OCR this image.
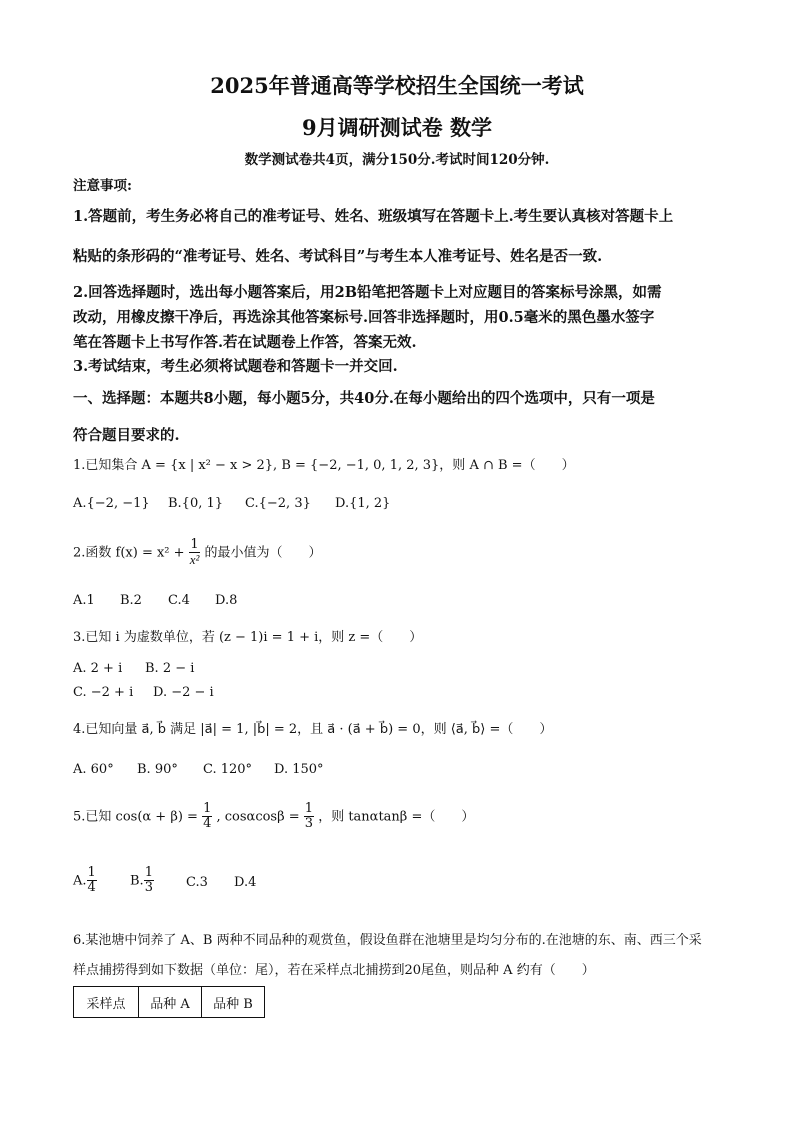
2025年普通高等学校招生全国统一考试
9月调研测试卷 数学
数学测试卷共4页，满分150分.考试时间120分钟.
注意事项:
1.答题前，考生务必将自己的准考证号、姓名、班级填写在答题卡上.考生要认真核对答题卡上
粘贴的条形码的“准考证号、姓名、考试科目”与考生本人准考证号、姓名是否一致.
2.回答选择题时，选出每小题答案后，用2B铅笔把答题卡上对应题目的答案标号涂黑，如需
改动，用橡皮擦干净后，再选涂其他答案标号.回答非选择题时，用0.5毫米的黑色墨水签字
笔在答题卡上书写作答.若在试题卷上作答，答案无效.
3.考试结束，考生必须将试题卷和答题卡一并交回.
一、选择题：本题共8小题，每小题5分，共40分.在每小题给出的四个选项中，只有一项是
符合题目要求的.
1.已知集合 A = {x | x² − x > 2}, B = {−2, −1, 0, 1, 2, 3}，则 A ∩ B =（　　）
A.{−2, −1} B.{0, 1} C.{−2, 3} D.{1, 2}
2.函数 $f(x) = x^2 + \frac{1}{\text{x²}}$ 的最小值为（　　）
A.1 B.2 C.4 D.8
3.已知 i 为虚数单位，若 (z − 1)i = 1 + i，则 z =（　　）
A. 2 + i B. 2 − i
C. −2 + i D. −2 − i
4.已知向量 a⃗, b⃗ 满足 |a⃗| = 1, |b⃗| = 2，且 a⃗ · (a⃗ + b⃗) = 0，则 ⟨a⃗, b⃗⟩ =（　　）
A. 60° B. 90° C. 120° D. 150°
5.已知 $\cos(\alpha + \beta) = \frac{1}{4}$ , $\cos\alpha\cos\beta = \frac{1}{3}$ ，则 tanαtanβ =（　　）
A. $\frac{1}{4}$	B. $\frac{1}{3} C.3$ D.4
6.某池塘中饲养了 A、B 两种不同品种的观赏鱼，假设鱼群在池塘里是均匀分布的.在池塘的东、南、西三个采
样点捕捞得到如下数据（单位：尾），若在采样点北捕捞到20尾鱼，则品种 A 约有（　　）
采样点	品种 A	品种 B
